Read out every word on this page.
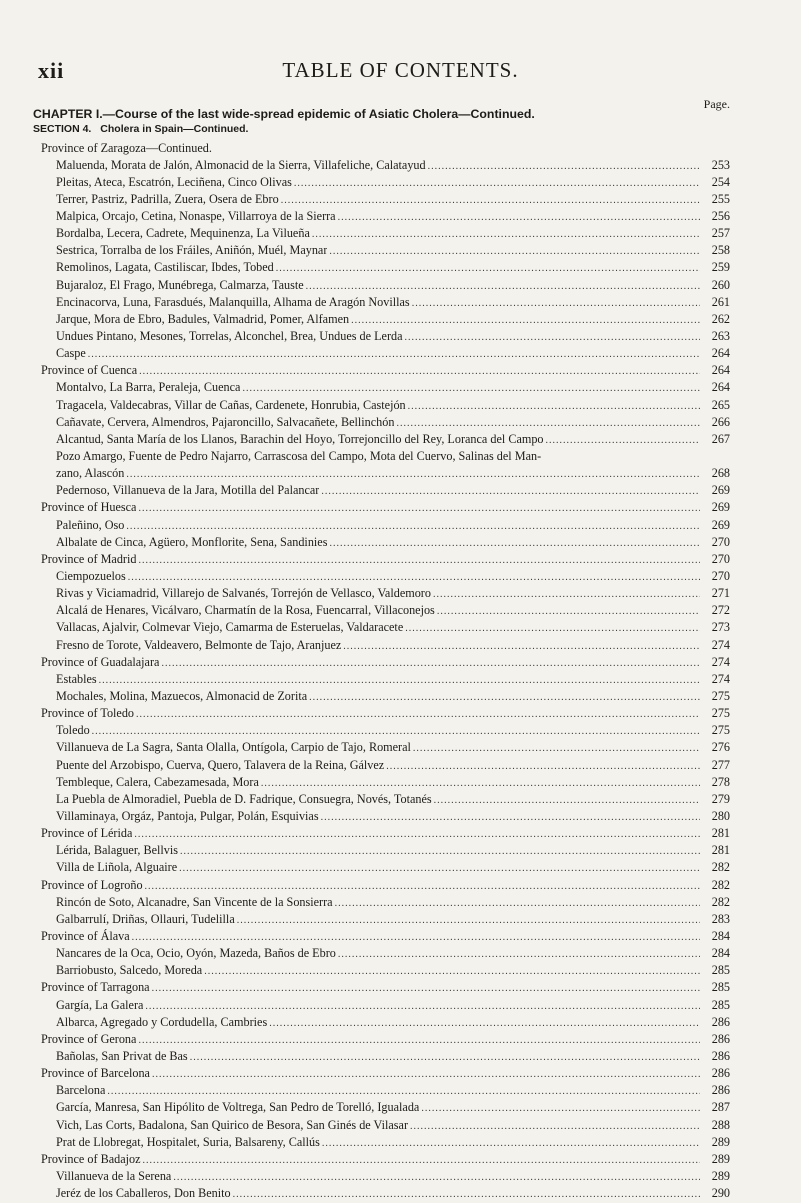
xii	TABLE OF CONTENTS.
Page.
CHAPTER I.—Course of the last wide-spread epidemic of Asiatic Cholera—Continued.
SECTION 4. Cholera in Spain—Continued.
Province of Zaragoza—Continued.
Maluenda, Morata de Jalón, Almonacid de la Sierra, Villafeliche, Calatayud .....	253
Pleitas, Ateca, Escatrón, Leciñena, Cinco Olivas .....	254
Terrer, Pastriz, Padrilla, Zuera, Osera de Ebro .....	255
Malpica, Orcajo, Cetina, Nonaspe, Villarroya de la Sierra .....	256
Bordalba, Lecera, Cadrete, Mequinenza, La Vilueña .....	257
Sestrica, Torralba de los Fráiles, Aniñón, Muél, Maynar .....	258
Remolinos, Lagata, Castiliscar, Ibdes, Tobed .....	259
Bujaraloz, El Frago, Munébrega, Calmarza, Tauste .....	260
Encinacorva, Luna, Farasdués, Malanquilla, Alhama de Aragón Novillas .....	261
Jarque, Mora de Ebro, Badules, Valmadrid, Pomer, Alfamen .....	262
Undues Pintano, Mesones, Torrelas, Alconchel, Brea, Undues de Lerda .....	263
Caspe .....	264
Province of Cuenca .....	264
Montalvo, La Barra, Peraleja, Cuenca .....	264
Tragacela, Valdecabras, Villar de Cañas, Cardenete, Honrubia, Castejón .....	265
Cañavate, Cervera, Almendros, Pajaroncillo, Salvacañete, Bellinchón .....	266
Alcantud, Santa María de los Llanos, Barachin del Hoyo, Torrejoncillo del Rey, Loranca del Campo .....	267
Pozo Amargo, Fuente de Pedro Najarro, Carrascosa del Campo, Mota del Cuervo, Salinas del Man-
zano, Alascón .....	268
Pedernoso, Villanueva de la Jara, Motilla del Palancar .....	269
Province of Huesca .....	269
Paleñino, Oso .....	269
Albalate de Cinca, Agüero, Monflorite, Sena, Sandinies .....	270
Province of Madrid .....	270
Ciempozuelos .....	270
Rivas y Viciamadrid, Villarejo de Salvanés, Torrejón de Vellasco, Valdemoro .....	271
Alcalá de Henares, Vicálvaro, Charmatín de la Rosa, Fuencarral, Villaconejos .....	272
Vallacas, Ajalvir, Colmevar Viejo, Camarma de Esteruelas, Valdaracete .....	273
Fresno de Torote, Valdeavero, Belmonte de Tajo, Aranjuez .....	274
Province of Guadalajara .....	274
Estables .....	274
Mochales, Molina, Mazuecos, Almonacid de Zorita .....	275
Province of Toledo .....	275
Toledo .....	275
Villanueva de La Sagra, Santa Olalla, Ontígola, Carpio de Tajo, Romeral .....	276
Puente del Arzobispo, Cuerva, Quero, Talavera de la Reina, Gálvez .....	277
Tembleque, Calera, Cabezamesada, Mora .....	278
La Puebla de Almoradiel, Puebla de D. Fadrique, Consuegra, Novés, Totanés .....	279
Villaminaya, Orgáz, Pantoja, Pulgar, Polán, Esquivias .....	280
Province of Lérida .....	281
Lérida, Balaguer, Bellvis .....	281
Villa de Liñola, Alguaire .....	282
Province of Logroño .....	282
Rincón de Soto, Alcanadre, San Vincente de la Sonsierra .....	282
Galbarrulí, Driñas, Ollauri, Tudelilla .....	283
Province of Álava .....	284
Nancares de la Oca, Ocio, Oyón, Mazeda, Baños de Ebro .....	284
Barriobusto, Salcedo, Moreda .....	285
Province of Tarragona .....	285
Gargía, La Galera .....	285
Albarca, Agregado y Cordudella, Cambries .....	286
Province of Gerona .....	286
Bañolas, San Privat de Bas .....	286
Province of Barcelona .....	286
Barcelona .....	286
García, Manresa, San Hipólito de Voltrega, San Pedro de Torelló, Igualada .....	287
Vich, Las Corts, Badalona, San Quirico de Besora, San Ginés de Vilasar .....	288
Prat de Llobregat, Hospitalet, Suria, Balsareny, Callús .....	289
Province of Badajoz .....	289
Villanueva de la Serena .....	289
Jeréz de los Caballeros, Don Benito .....	290
